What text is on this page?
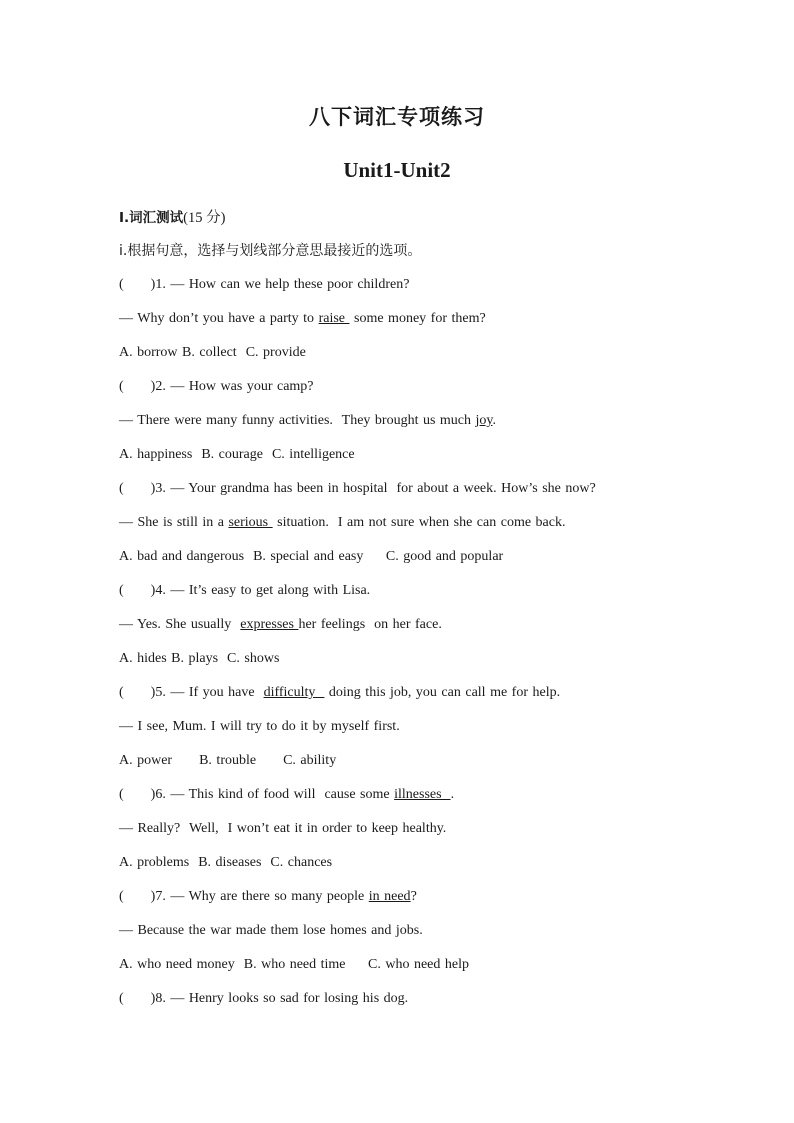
八下词汇专项练习
Unit1-Unit2
I.词汇测试(15 分)
i.根据句意，选择与划线部分意思最接近的选项。
(      )1. — How can we help these poor children?
— Why don’t you have a party to raise  some money for them?
A. borrow B. collect  C. provide
(      )2. — How was your camp?
— There were many funny activities.  They brought us much joy.
A. happiness  B. courage  C. intelligence
(      )3. — Your grandma has been in hospital  for about a week. How’s she now?
— She is still in a serious  situation.  I am not sure when she can come back.
A. bad and dangerous  B. special and easy     C. good and popular
(      )4. — It’s easy to get along with Lisa.
— Yes. She usually  expresses her feelings  on her face.
A. hides B. plays  C. shows
(      )5. — If you have  difficulty   doing this job, you can call me for help.
— I see, Mum. I will try to do it by myself first.
A. power      B. trouble      C. ability
(      )6. — This kind of food will  cause some illnesses  .
— Really?  Well,  I won’t eat it in order to keep healthy.
A. problems  B. diseases  C. chances
(      )7. — Why are there so many people in need?
— Because the war made them lose homes and jobs.
A. who need money  B. who need time     C. who need help
(      )8. — Henry looks so sad for losing his dog.
